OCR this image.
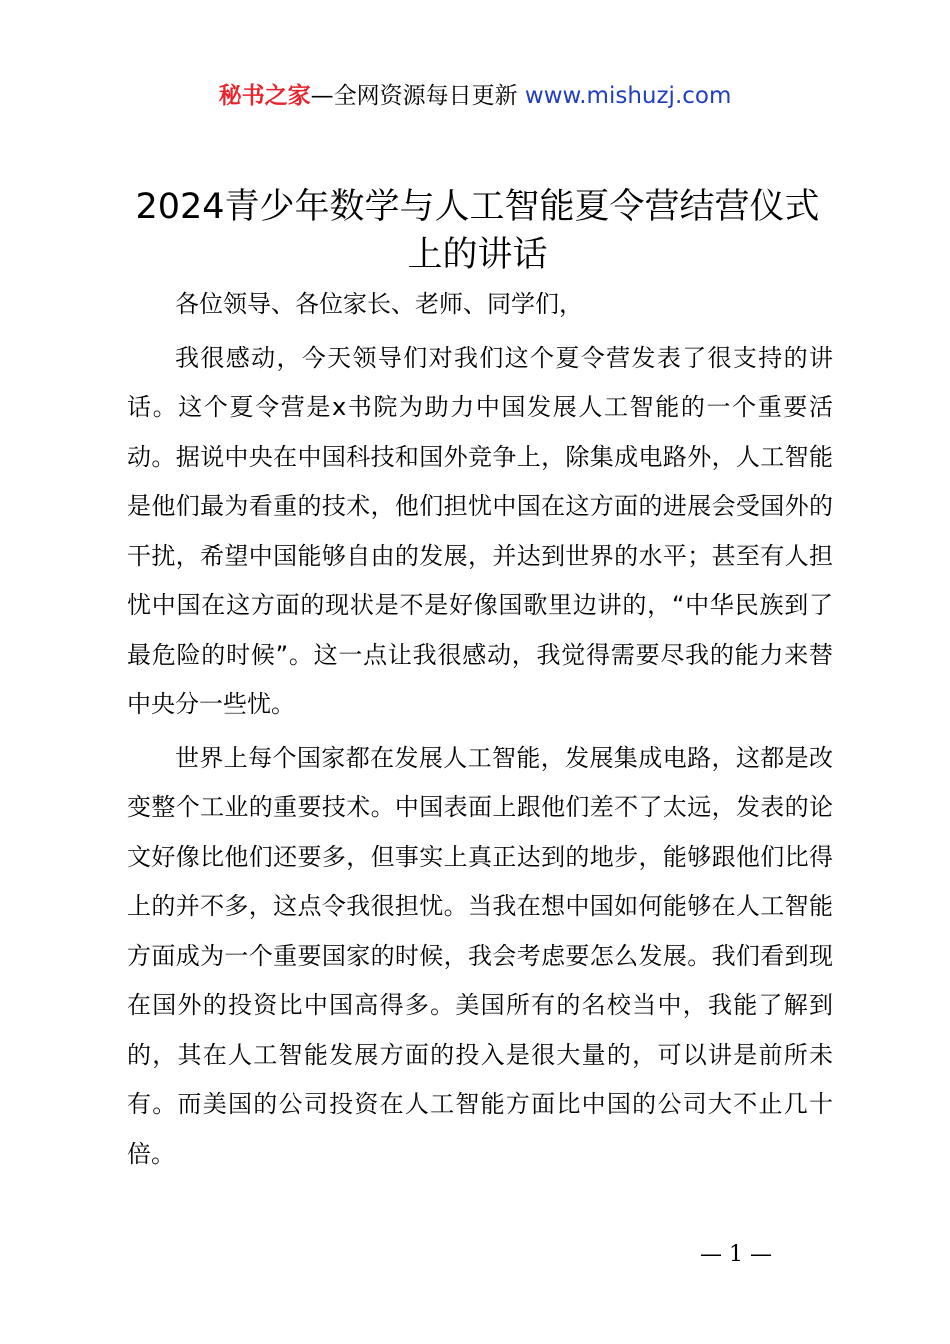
秘书之家—全网资源每日更新 www.mishuzj.com
2024青少年数学与人工智能夏令营结营仪式上的讲话

各位领导、各位家长、老师、同学们，

我很感动，今天领导们对我们这个夏令营发表了很支持的讲话。这个夏令营是x书院为助力中国发展人工智能的一个重要活动。据说中央在中国科技和国外竞争上，除集成电路外，人工智能是他们最为看重的技术，他们担忧中国在这方面的进展会受国外的干扰，希望中国能够自由的发展，并达到世界的水平；甚至有人担忧中国在这方面的现状是不是好像国歌里边讲的，“中华民族到了最危险的时候”。这一点让我很感动，我觉得需要尽我的能力来替中央分一些忧。

世界上每个国家都在发展人工智能，发展集成电路，这都是改变整个工业的重要技术。中国表面上跟他们差不了太远，发表的论文好像比他们还要多，但事实上真正达到的地步，能够跟他们比得上的并不多，这点令我很担忧。当我在想中国如何能够在人工智能方面成为一个重要国家的时候，我会考虑要怎么发展。我们看到现在国外的投资比中国高得多。美国所有的名校当中，我能了解到的，其在人工智能发展方面的投入是很大量的，可以讲是前所未有。而美国的公司投资在人工智能方面比中国的公司大不止几十倍。

— 1 —
